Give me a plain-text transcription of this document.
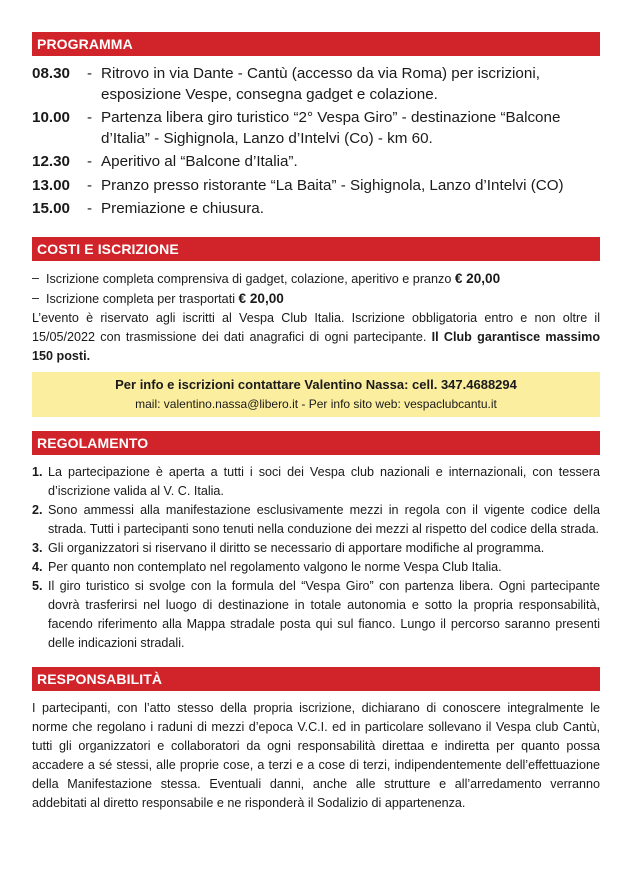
PROGRAMMA
08.30	- Ritrovo in via Dante - Cantù (accesso da via Roma) per iscrizioni, esposizione Vespe, consegna gadget e colazione.
10.00	- Partenza libera giro turistico “2° Vespa Giro” - destinazione “Balcone d’Italia” - Sighignola, Lanzo d’Intelvi (Co) - km 60.
12.30	- Aperitivo al “Balcone d’Italia”.
13.00	- Pranzo presso ristorante “La Baita” - Sighignola, Lanzo d’Intelvi (CO)
15.00	- Premiazione e chiusura.
COSTI E ISCRIZIONE
– Iscrizione completa comprensiva di gadget, colazione, aperitivo e pranzo € 20,00
– Iscrizione completa per trasportati € 20,00
L’evento è riservato agli iscritti al Vespa Club Italia. Iscrizione obbligatoria entro e non oltre il 15/05/2022 con trasmissione dei dati anagrafici di ogni partecipante. Il Club garantisce massimo 150 posti.
Per info e iscrizioni contattare Valentino Nassa: cell. 347.4688294
mail: valentino.nassa@libero.it - Per info sito web: vespaclubcantu.it
REGOLAMENTO
1. La partecipazione è aperta a tutti i soci dei Vespa club nazionali e internazionali, con tessera d’iscrizione valida al V. C. Italia.
2. Sono ammessi alla manifestazione esclusivamente mezzi in regola con il vigente codice della strada. Tutti i partecipanti sono tenuti nella conduzione dei mezzi al rispetto del codice della strada.
3. Gli organizzatori si riservano il diritto se necessario di apportare modifiche al programma.
4. Per quanto non contemplato nel regolamento valgono le norme Vespa Club Italia.
5. Il giro turistico si svolge con la formula del “Vespa Giro” con partenza libera. Ogni partecipante dovrà trasferirsi nel luogo di destinazione in totale autonomia e sotto la propria responsabilità, facendo riferimento alla Mappa stradale posta qui sul fianco. Lungo il percorso saranno presenti delle indicazioni stradali.
RESPONSABILITÀ
I partecipanti, con l’atto stesso della propria iscrizione, dichiarano di conoscere integralmente le norme che regolano i raduni di mezzi d’epoca V.C.I. ed in particolare sollevano il Vespa club Cantù, tutti gli organizzatori e collaboratori da ogni responsabilità direttaa e indiretta per quanto possa accadere a sé stessi, alle proprie cose, a terzi e a cose di terzi, indipendentemente dell’effettuazione della Manifestazione stessa. Eventuali danni, anche alle strutture e all’arredamento verranno addebitati al diretto responsabile e ne risponderà il Sodalizio di appartenenza.
